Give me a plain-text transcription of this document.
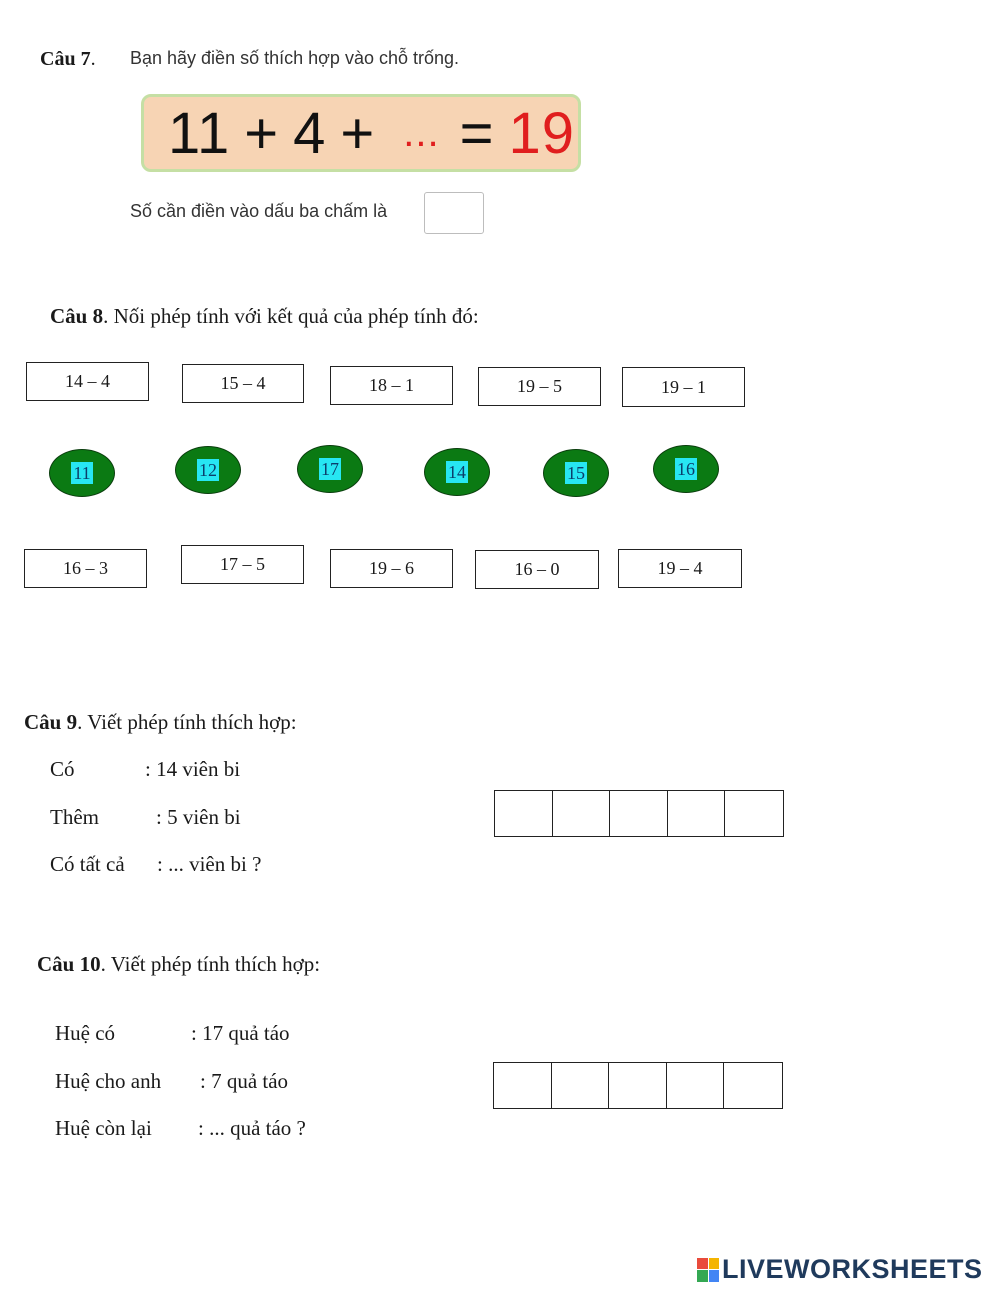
Câu 7. Bạn hãy điền số thích hợp vào chỗ trống.
11 + 4 + ... = 19
Số cần điền vào dấu ba chấm là
Câu 8. Nối phép tính với kết quả của phép tính đó:
14 – 4	15 – 4	18 – 1	19 – 5	19 – 1
11	12	17	14	15	16
16 – 3	17 – 5	19 – 6	16 – 0	19 – 4
Câu 9. Viết phép tính thích hợp:
Có	: 14 viên bi
Thêm	: 5 viên bi
Có tất cả : ... viên bi ?
Câu 10. Viết phép tính thích hợp:
Huệ có	: 17 quả táo
Huệ cho anh : 7 quả táo
Huệ còn lại : ... quả táo ?
LIVEWORKSHEETS
